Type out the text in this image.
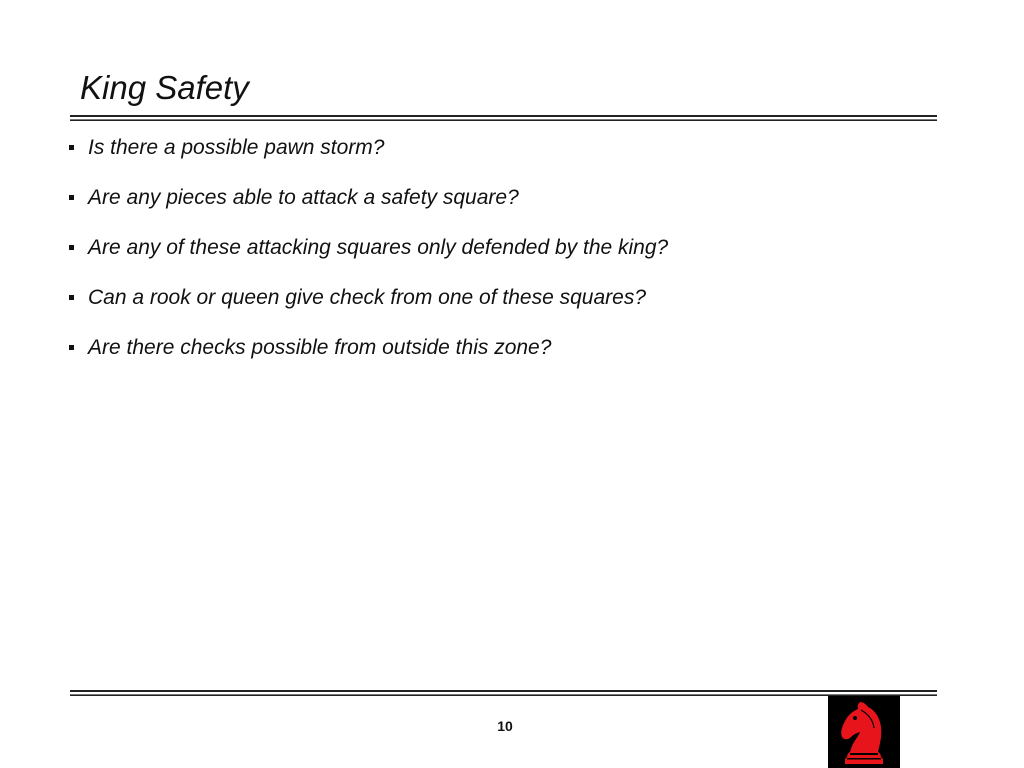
King Safety
Is there a possible pawn storm?
Are any pieces able to attack a safety square?
Are any of these attacking squares only defended by the king?
Can a rook or queen give check from one of these squares?
Are there checks possible from outside this zone?
10
